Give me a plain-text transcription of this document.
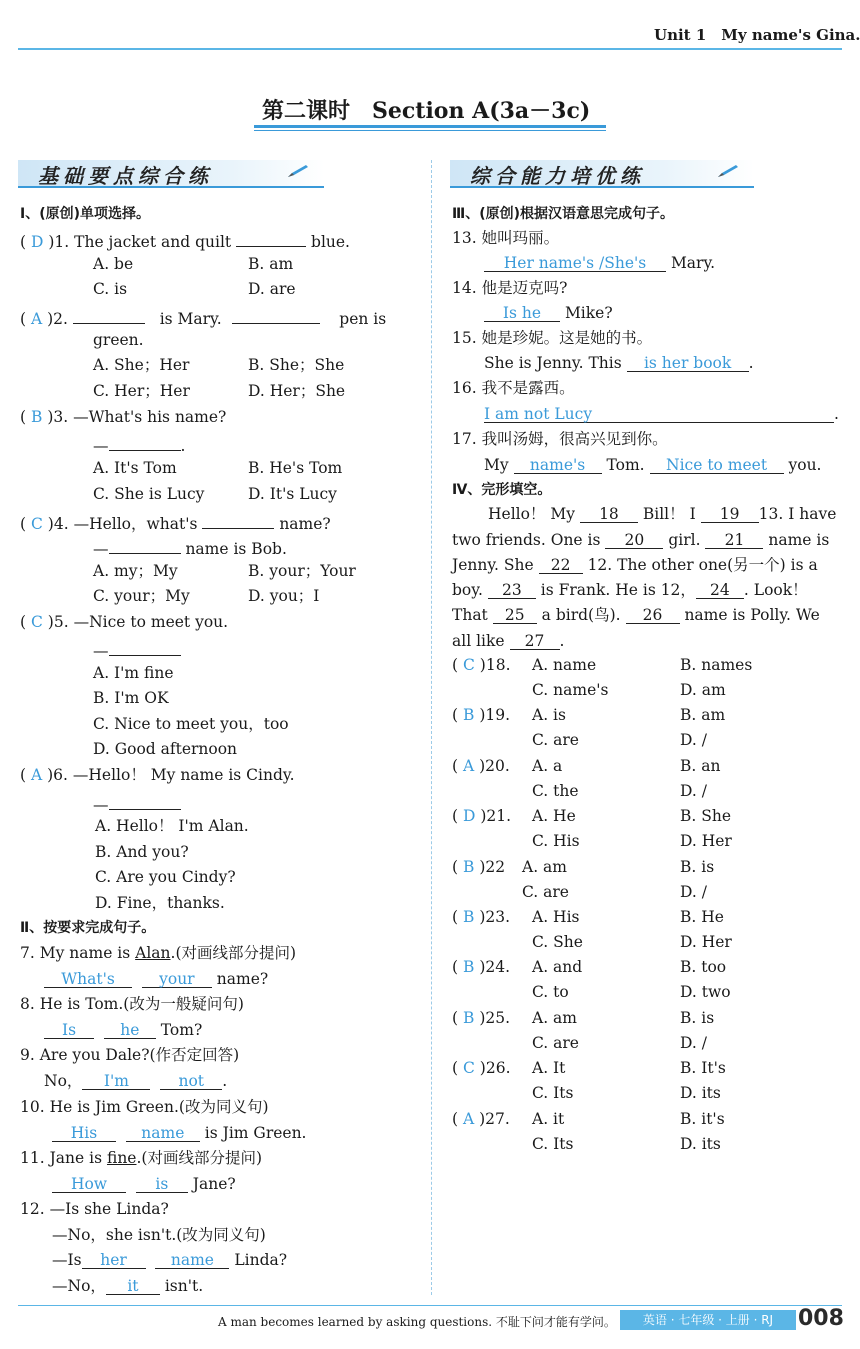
Unit 1　 My name's Gina.
第二课时　Section A(3a－3c)
基础要点综合练	综合能力培优练
Ⅰ、(原创)单项选择。
( D )1. The jacket and quilt	blue.
A. be	B. am
C. is	D. are
( A )2.	is Mary.	pen is
green.
A. She；Her	B. She；She
C. Her；Her	D. Her；She
( B )3. —What's his name?
—	.
A. It's Tom	B. He's Tom
C. She is Lucy	D. It's Lucy
( C )4. —Hello，what's	name?
—	name is Bob.
A. my；My	B. your；Your
C. your；My	D. you；I
( C )5. —Nice to meet you.
—
A. I'm fine
B. I'm OK
C. Nice to meet you，too
D. Good afternoon
( A )6. —Hello！ My name is Cindy.
—
A. Hello！ I'm Alan.
B. And you?
C. Are you Cindy?
D. Fine，thanks.
Ⅱ、按要求完成句子。
7. My name is Alan.(对画线部分提问)
What's	your name?
8. He is Tom.(改为一般疑问句)
Is	he Tom?
9. Are you Dale?(作否定回答)
No， I'm	not .
10. He is Jim Green.(改为同义句)
His	name is Jim Green.
11. Jane is fine.(对画线部分提问)
How	is Jane?
12. —Is she Linda?
—No，she isn't.(改为同义句)
—Is her	name Linda?
—No， it isn't.
Ⅲ、(原创)根据汉语意思完成句子。
13. 她叫玛丽。
Her name's /She's Mary.
14. 他是迈克吗?
Is he Mike?
15. 她是珍妮。这是她的书。
She is Jenny. This is her book .
16. 我不是露西。
I am not Lucy	.
17. 我叫汤姆，很高兴见到你。
My name's Tom. Nice to meet you.
Ⅳ、完形填空。
Hello！ My 18 Bill！ I 19 13. I have
two friends. One is 20 girl. 21 name is
Jenny. She 22 12. The other one(另一个) is a
boy. 23 is Frank. He is 12， 24 . Look！
That 25 a bird(鸟). 26 name is Polly. We
all like 27 .
( C )18. A. name	B. names
C. name's	D. am
( B )19. A. is	B. am
C. are	D. /
( A )20. A. a	B. an
C. the	D. /
( D )21. A. He	B. She
C. His	D. Her
( B )22 A. am	B. is
C. are	D. /
( B )23. A. His	B. He
C. She	D. Her
( B )24. A. and	B. too
C. to	D. two
( B )25. A. am	B. is
C. are	D. /
( C )26. A. It	B. It's
C. Its	D. its
( A )27. A. it	B. it's
C. Its	D. its
A man becomes learned by asking questions. 不耻下问才能有学问。	英语 · 七年级 · 上册 · RJ	008
